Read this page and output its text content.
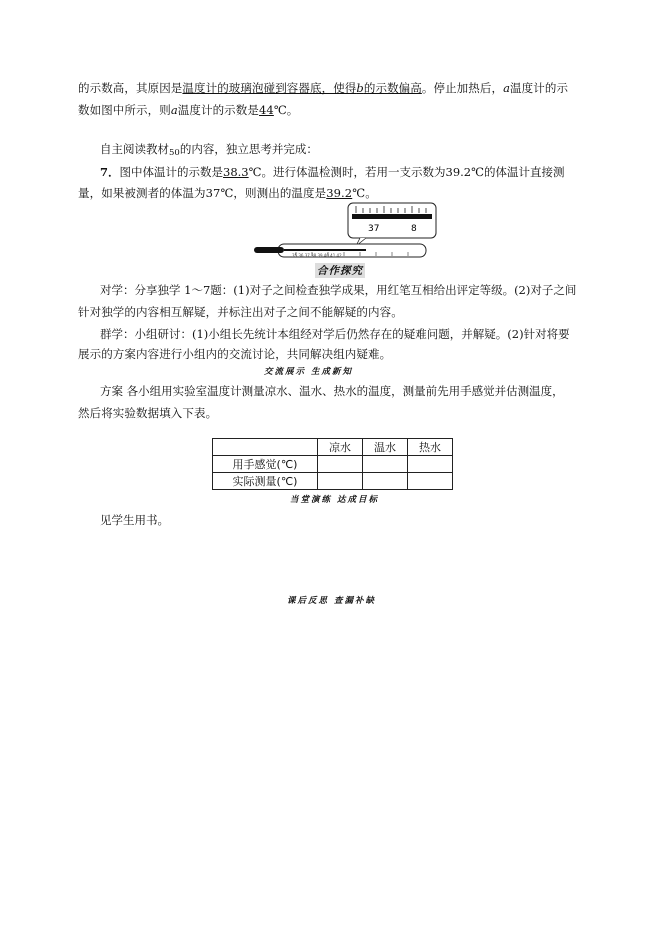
的示数高，其原因是温度计的玻璃泡碰到容器底，使得b的示数偏高。停止加热后，a温度计的示
数如图中所示，则a温度计的示数是44℃。
自主阅读教材50的内容，独立思考并完成：
7．图中体温计的示数是38.3℃。进行体温检测时，若用一支示数为39.2℃的体温计直接测
量，如果被测者的体温为37℃，则测出的温度是39.2℃。
37	8
35 36 37 38 39 40 41 42
合作探究
对学：分享独学 1～7题：(1)对子之间检查独学成果，用红笔互相给出评定等级。(2)对子之间
针对独学的内容相互解疑，并标注出对子之间不能解疑的内容。
群学：小组研讨：(1)小组长先统计本组经对学后仍然存在的疑难问题，并解疑。(2)针对将要
展示的方案内容进行小组内的交流讨论，共同解决组内疑难。
交流展示 生成新知
方案 各小组用实验室温度计测量凉水、温水、热水的温度，测量前先用手感觉并估测温度，
然后将实验数据填入下表。
	凉水	温水	热水
用手感觉(℃)			
实际测量(℃)			
当堂演练 达成目标
见学生用书。
课后反思 查漏补缺
